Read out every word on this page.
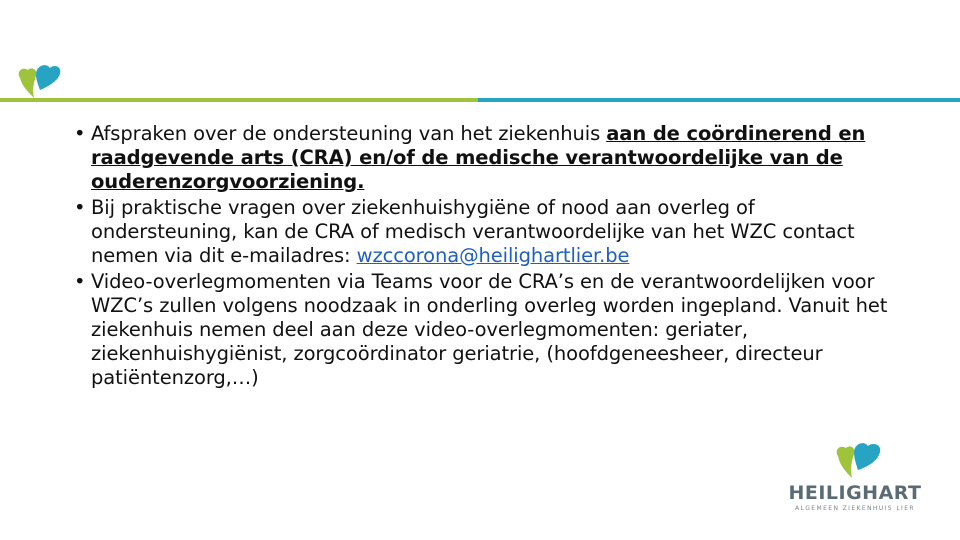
• Afspraken over de ondersteuning van het ziekenhuis aan de coördinerend en raadgevende arts (CRA) en/of de medische verantwoordelijke van de ouderenzorgvoorziening.

• Bij praktische vragen over ziekenhuishygiëne of nood aan overleg of ondersteuning, kan de CRA of medisch verantwoordelijke van het WZC contact nemen via dit e-mailadres: wzccorona@heilighartlier.be

• Video-overlegmomenten via Teams voor de CRA’s en de verantwoordelijken voor WZC’s zullen volgens noodzaak in onderling overleg worden ingepland. Vanuit het ziekenhuis nemen deel aan deze video-overlegmomenten: geriater, ziekenhuishygiënist, zorgcoördinator geriatrie, (hoofdgeneesheer, directeur patiëntenzorg,…)

HEILIGHART
ALGEMEEN ZIEKENHUIS LIER
